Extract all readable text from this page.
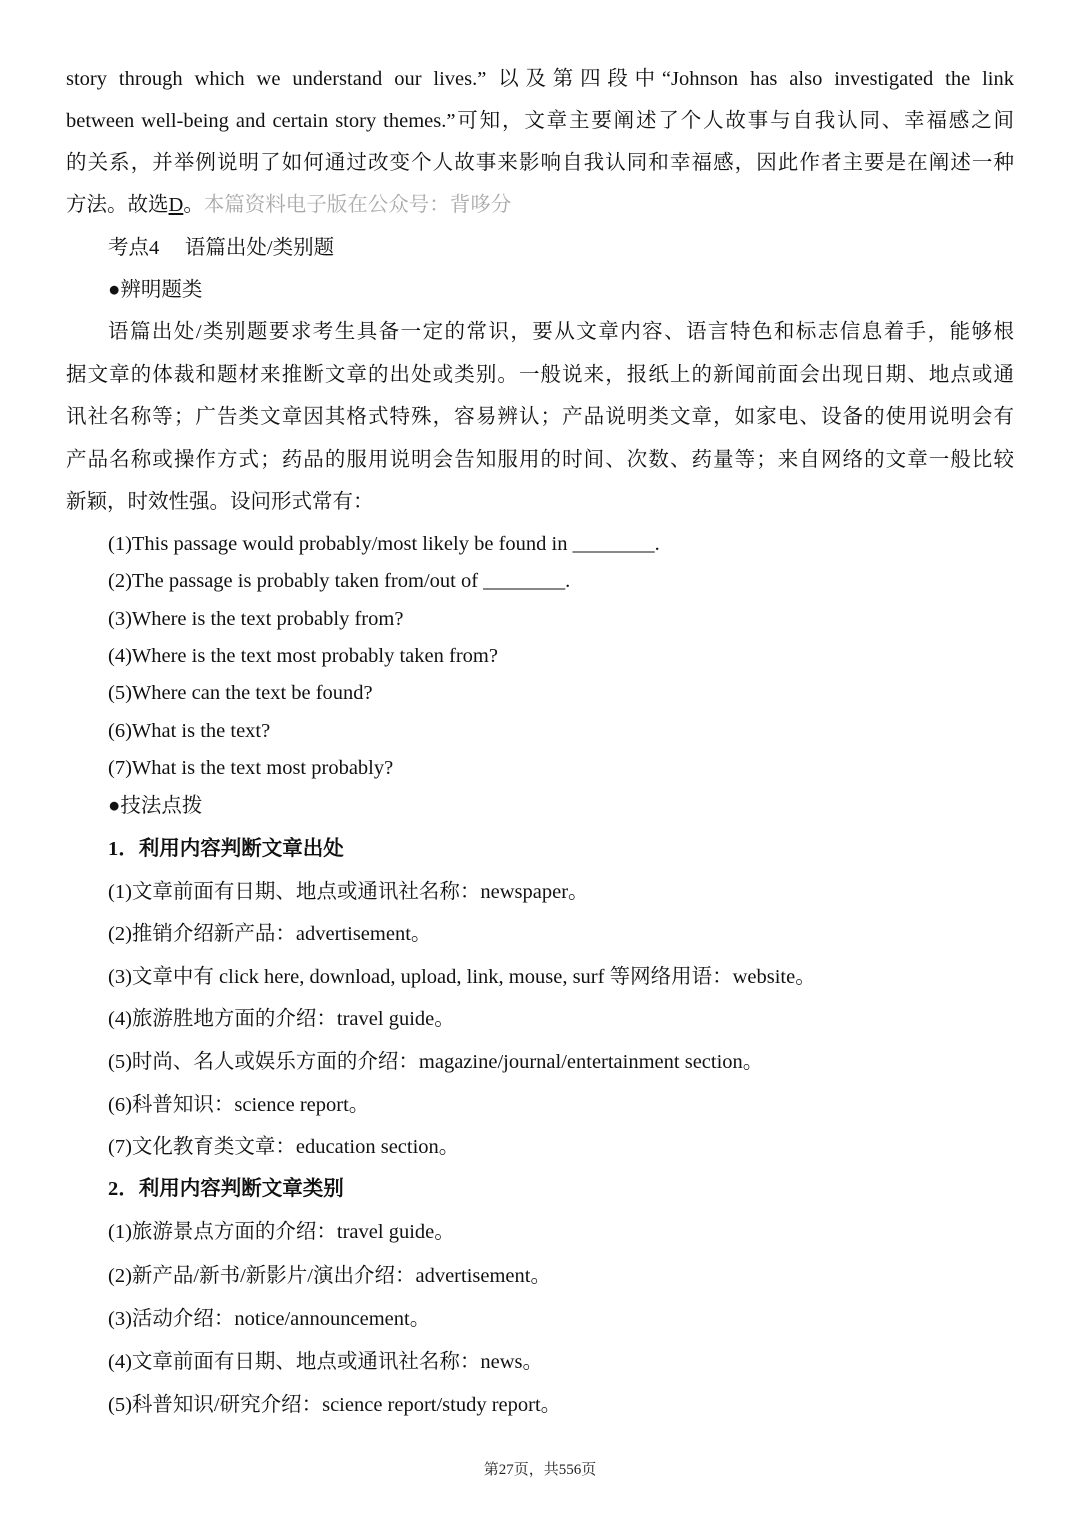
story through which we understand our lives.” 以及第四段中“Johnson has also investigated the link
between well-being and certain story themes.”可知，文章主要阐述了个人故事与自我认同、幸福感之间
的关系，并举例说明了如何通过改变个人故事来影响自我认同和幸福感，因此作者主要是在阐述一种
方法。故选D。本篇资料电子版在公众号：背哆分
考点4　 语篇出处/类别题
●辨明题类
语篇出处/类别题要求考生具备一定的常识，要从文章内容、语言特色和标志信息着手，能够根
据文章的体裁和题材来推断文章的出处或类别。一般说来，报纸上的新闻前面会出现日期、地点或通
讯社名称等；广告类文章因其格式特殊，容易辨认；产品说明类文章，如家电、设备的使用说明会有
产品名称或操作方式；药品的服用说明会告知服用的时间、次数、药量等；来自网络的文章一般比较
新颖，时效性强。设问形式常有：
(1)This passage would probably/most likely be found in ________.
(2)The passage is probably taken from/out of ________.
(3)Where is the text probably from?
(4)Where is the text most probably taken from?
(5)Where can the text be found?
(6)What is the text?
(7)What is the text most probably?
●技法点拨
1．利用内容判断文章出处
(1)文章前面有日期、地点或通讯社名称：newspaper。
(2)推销介绍新产品：advertisement。
(3)文章中有 click here, download, upload, link, mouse, surf 等网络用语：website。
(4)旅游胜地方面的介绍：travel guide。
(5)时尚、名人或娱乐方面的介绍：magazine/journal/entertainment section。
(6)科普知识：science report。
(7)文化教育类文章：education section。
2．利用内容判断文章类别
(1)旅游景点方面的介绍：travel guide。
(2)新产品/新书/新影片/演出介绍：advertisement。
(3)活动介绍：notice/announcement。
(4)文章前面有日期、地点或通讯社名称：news。
(5)科普知识/研究介绍：science report/study report。
第27页，共556页
